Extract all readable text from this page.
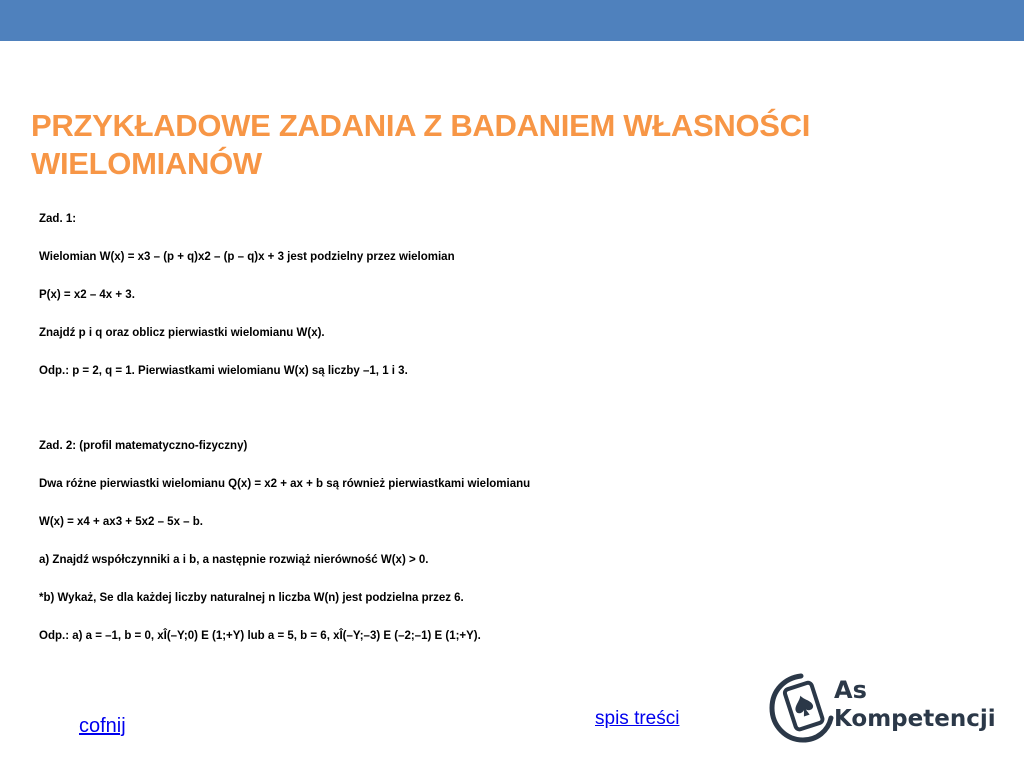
PRZYKŁADOWE ZADANIA Z BADANIEM WŁASNOŚCI WIELOMIANÓW
Zad. 1:
Wielomian W(x) = x3 – (p + q)x2 – (p – q)x + 3 jest podzielny przez wielomian
P(x) = x2 – 4x + 3.
Znajdź p i q oraz oblicz pierwiastki wielomianu W(x).
Odp.: p = 2, q = 1. Pierwiastkami wielomianu W(x) są liczby –1, 1 i 3.
Zad. 2: (profil matematyczno-fizyczny)
Dwa różne pierwiastki wielomianu Q(x) = x2 + ax + b są również pierwiastkami wielomianu
W(x) = x4 + ax3 + 5x2 – 5x – b.
a) Znajdź współczynniki a i b, a następnie rozwiąż nierówność W(x) > 0.
*b) Wykaż, Se dla każdej liczby naturalnej n liczba W(n) jest podzielna przez 6.
Odp.: a) a = –1, b = 0, xÎ(–Y;0) E (1;+Y) lub a = 5, b = 6, xÎ(–Y;–3) E (–2;–1) E (1;+Y).
cofnij	spis treści
As
Kompetencji
